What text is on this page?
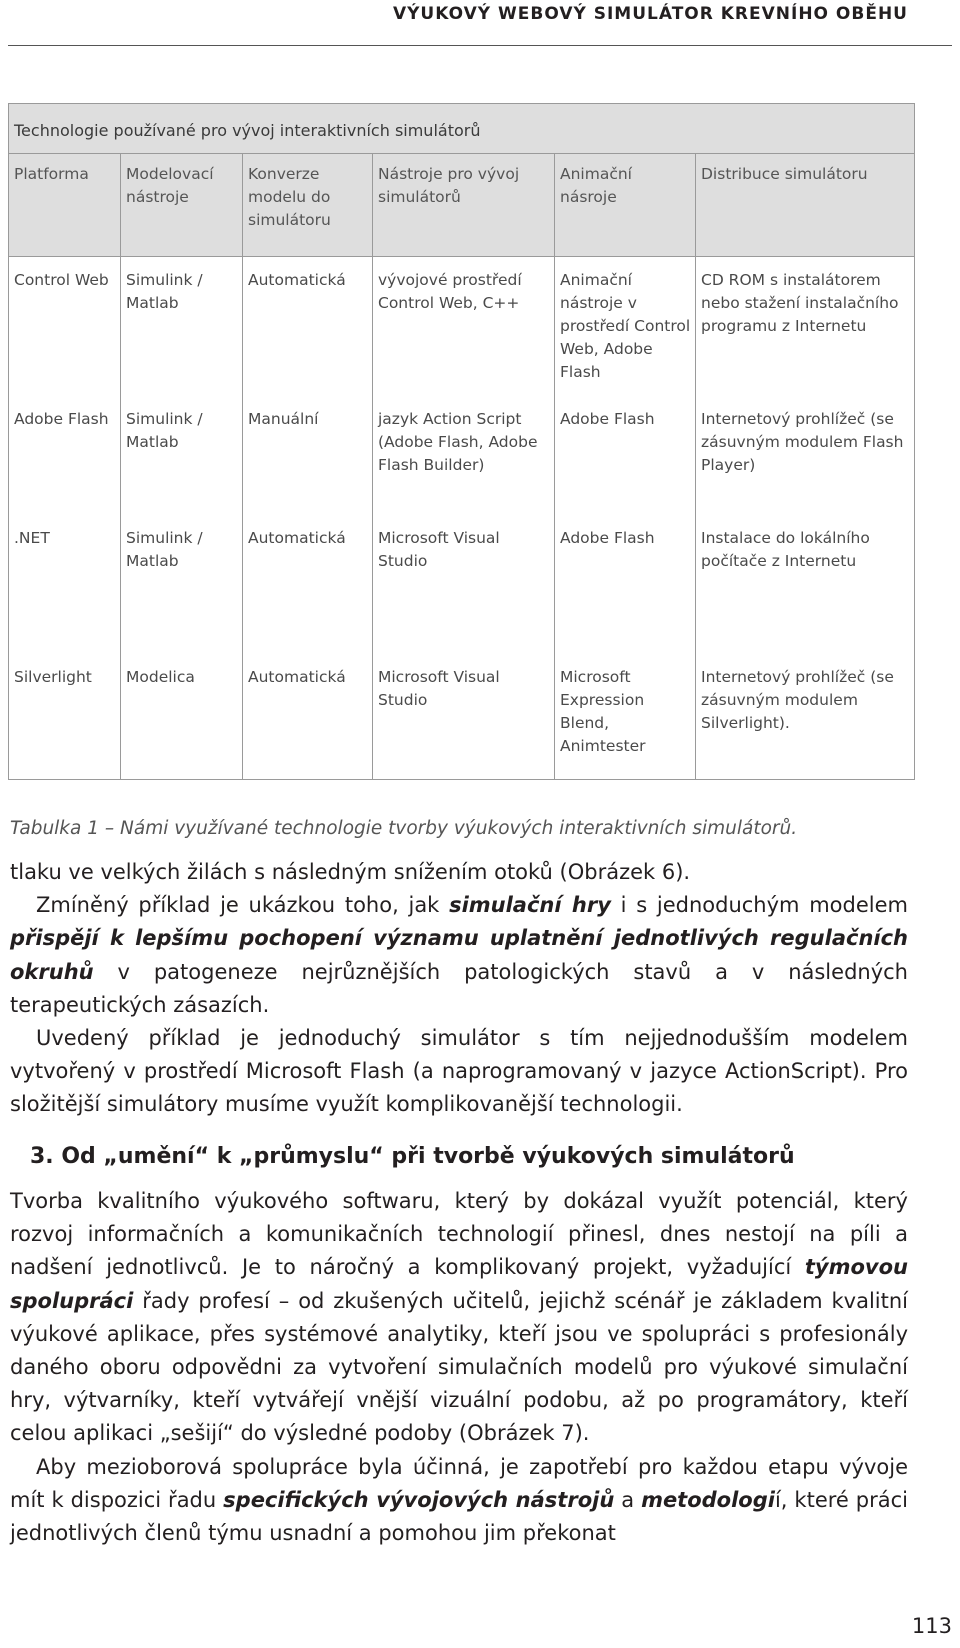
VÝUKOVÝ WEBOVÝ SIMULÁTOR KREVNÍHO OBĚHU
Technologie používané pro vývoj interaktivních simulátorů					
Platforma	Modelovací nástroje	Konverze modelu do simulátoru	Nástroje pro vývoj simulátorů	Animační násroje	Distribuce simulátoru
Control Web	Simulink / Matlab	Automatická	vývojové prostředí Control Web, C++	Animační nástroje v prostředí Control Web, Adobe Flash	CD ROM s instalátorem nebo stažení instalačního programu z Internetu
Adobe Flash	Simulink / Matlab	Manuální	jazyk Action Script (Adobe Flash, Adobe Flash Builder)	Adobe Flash	Internetový prohlížeč (se zásuvným modulem Flash Player)
.NET	Simulink / Matlab	Automatická	Microsoft Visual Studio	Adobe Flash	Instalace do lokálního počítače z Internetu
Silverlight	Modelica	Automatická	Microsoft Visual Studio	Microsoft Expression Blend, Animtester	Internetový prohlížeč (se zásuvným modulem Silverlight).
Tabulka 1 – Námi využívané technologie tvorby výukových interaktivních simulátorů.

tlaku ve velkých žilách s následným snížením otoků (Obrázek 6).

Zmíněný příklad je ukázkou toho, jak simulační hry i s jednoduchým modelem přispějí k lepšímu pochopení významu uplatnění jednotlivých regulačních okruhů v patogeneze nejrůznějších patologických stavů a v následných terapeutických zásazích.

Uvedený příklad je jednoduchý simulátor s tím nejjednodušším modelem vytvořený v prostředí Microsoft Flash (a naprogramovaný v jazyce ActionScript). Pro složitější simulátory musíme využít komplikovanější technologii.

3. Od „umění“ k „průmyslu“ při tvorbě výukových simulátorů

Tvorba kvalitního výukového softwaru, který by dokázal využít potenciál, který rozvoj informačních a komunikačních technologií přinesl, dnes nestojí na píli a nadšení jednotlivců. Je to náročný a komplikovaný projekt, vyžadující týmovou spolupráci řady profesí – od zkušených učitelů, jejichž scénář je základem kvalitní výukové aplikace, přes systémové analytiky, kteří jsou ve spolupráci s profesionály daného oboru odpovědni za vytvoření simulačních modelů pro výukové simulační hry, výtvarníky, kteří vytvářejí vnější vizuální podobu, až po programátory, kteří celou aplikaci „sešijí“ do výsledné podoby (Obrázek 7).

Aby mezioborová spolupráce byla účinná, je zapotřebí pro každou etapu vývoje mít k dispozici řadu specifických vývojových nástrojů a metodologií, které práci jednotlivých členů týmu usnadní a pomohou jim překonat

113
